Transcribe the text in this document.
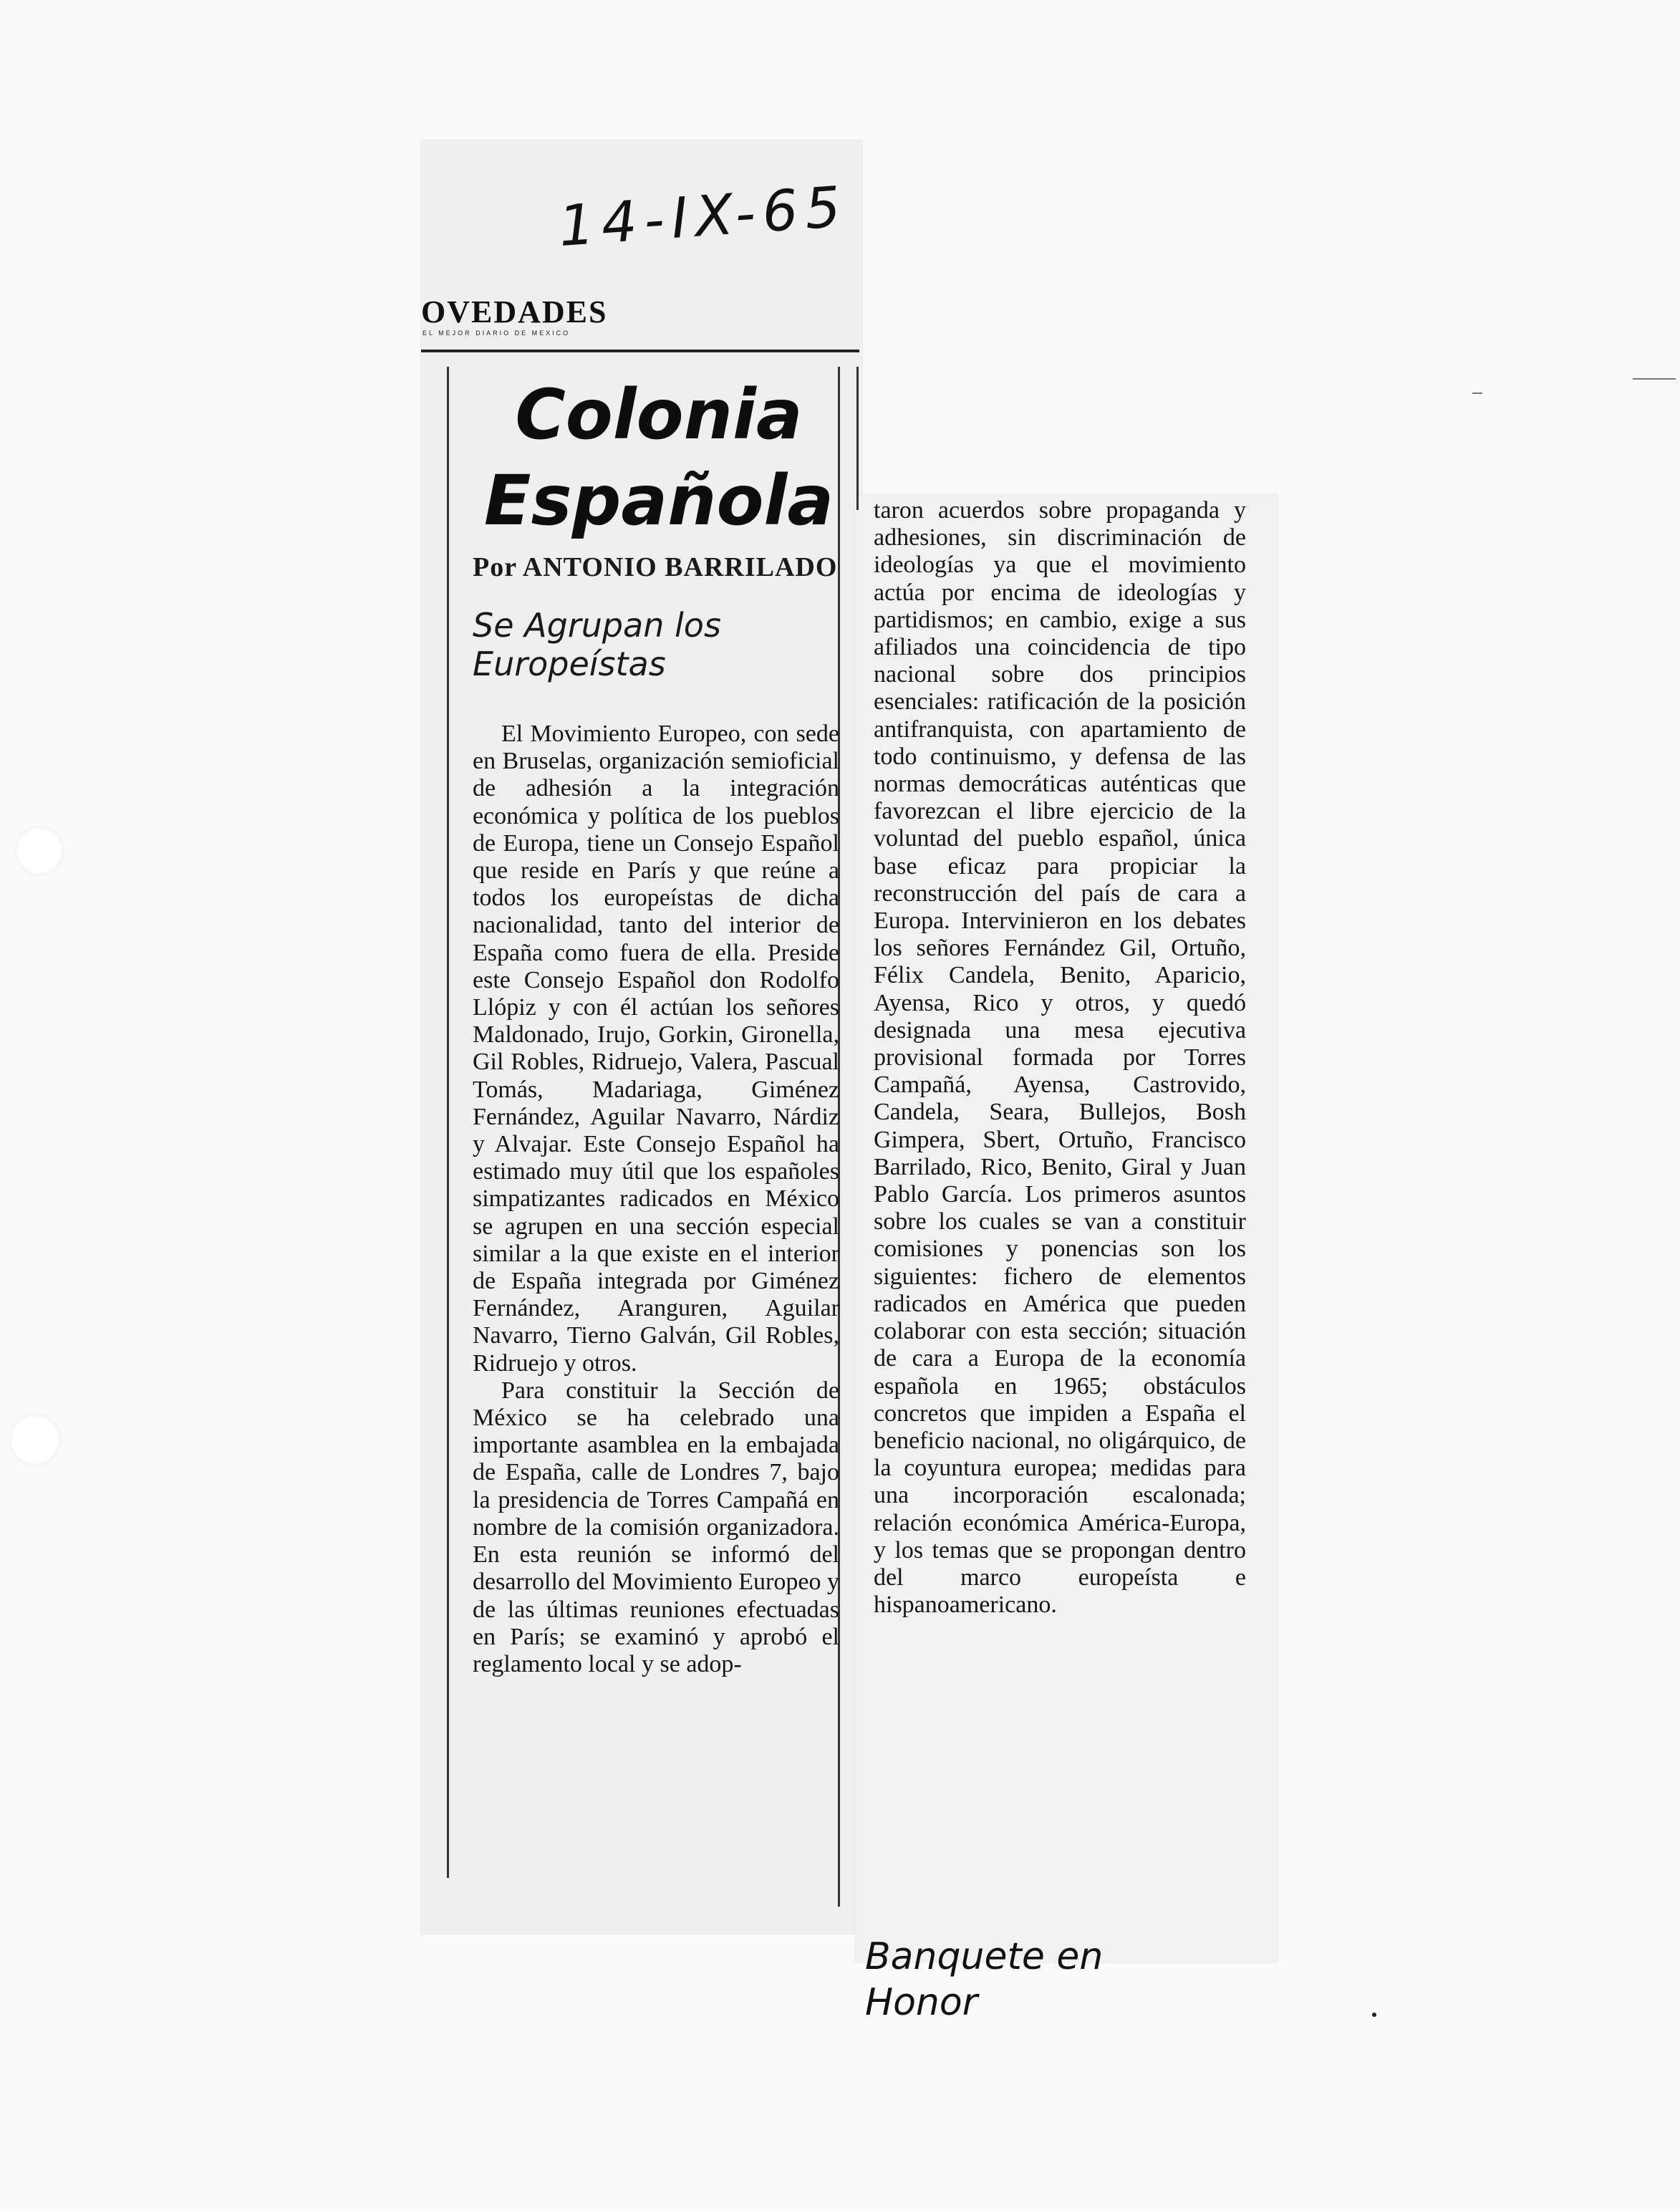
14-IX-65
OVEDADES
EL MEJOR DIARIO DE MEXICO
Colonia
Española
Por ANTONIO BARRILADO
Se Agrupan los Europeístas

El Movimiento Europeo, con sede en Bruselas, organización semioficial de adhesión a la integración económica y política de los pueblos de Europa, tiene un Consejo Español que reside en París y que reúne a todos los europeístas de dicha nacionalidad, tanto del interior de España como fuera de ella. Preside este Consejo Español don Rodolfo Llópiz y con él actúan los señores Maldonado, Irujo, Gorkin, Gironella, Gil Robles, Ridruejo, Valera, Pascual Tomás, Madariaga, Giménez Fernández, Aguilar Navarro, Nárdiz y Alvajar. Este Consejo Español ha estimado muy útil que los españoles simpatizantes radicados en México se agrupen en una sección especial similar a la que existe en el interior de España integrada por Giménez Fernández, Aranguren, Aguilar Navarro, Tierno Galván, Gil Robles, Ridruejo y otros.

Para constituir la Sección de México se ha celebrado una importante asamblea en la embajada de España, calle de Londres 7, bajo la presidencia de Torres Campañá en nombre de la comisión organizadora. En esta reunión se informó del desarrollo del Movimiento Europeo y de las últimas reuniones efectuadas en París; se examinó y aprobó el reglamento local y se adop-

taron acuerdos sobre propaganda y adhesiones, sin discriminación de ideologías ya que el movimiento actúa por encima de ideologías y partidismos; en cambio, exige a sus afiliados una coincidencia de tipo nacional sobre dos principios esenciales: ratificación de la posición antifranquista, con apartamiento de todo continuismo, y defensa de las normas democráticas auténticas que favorezcan el libre ejercicio de la voluntad del pueblo español, única base eficaz para propiciar la reconstrucción del país de cara a Europa. Intervinieron en los debates los señores Fernández Gil, Ortuño, Félix Candela, Benito, Aparicio, Ayensa, Rico y otros, y quedó designada una mesa ejecutiva provisional formada por Torres Campañá, Ayensa, Castrovido, Candela, Seara, Bullejos, Bosh Gimpera, Sbert, Ortuño, Francisco Barrilado, Rico, Benito, Giral y Juan Pablo García. Los primeros asuntos sobre los cuales se van a constituir comisiones y ponencias son los siguientes: fichero de elementos radicados en América que pueden colaborar con esta sección; situación de cara a Europa de la economía española en 1965; obstáculos concretos que impiden a España el beneficio nacional, no oligárquico, de la coyuntura europea; medidas para una incorporación escalonada; relación económica América-Europa, y los temas que se propongan dentro del marco europeísta e hispanoamericano.

Banquete en Honor
